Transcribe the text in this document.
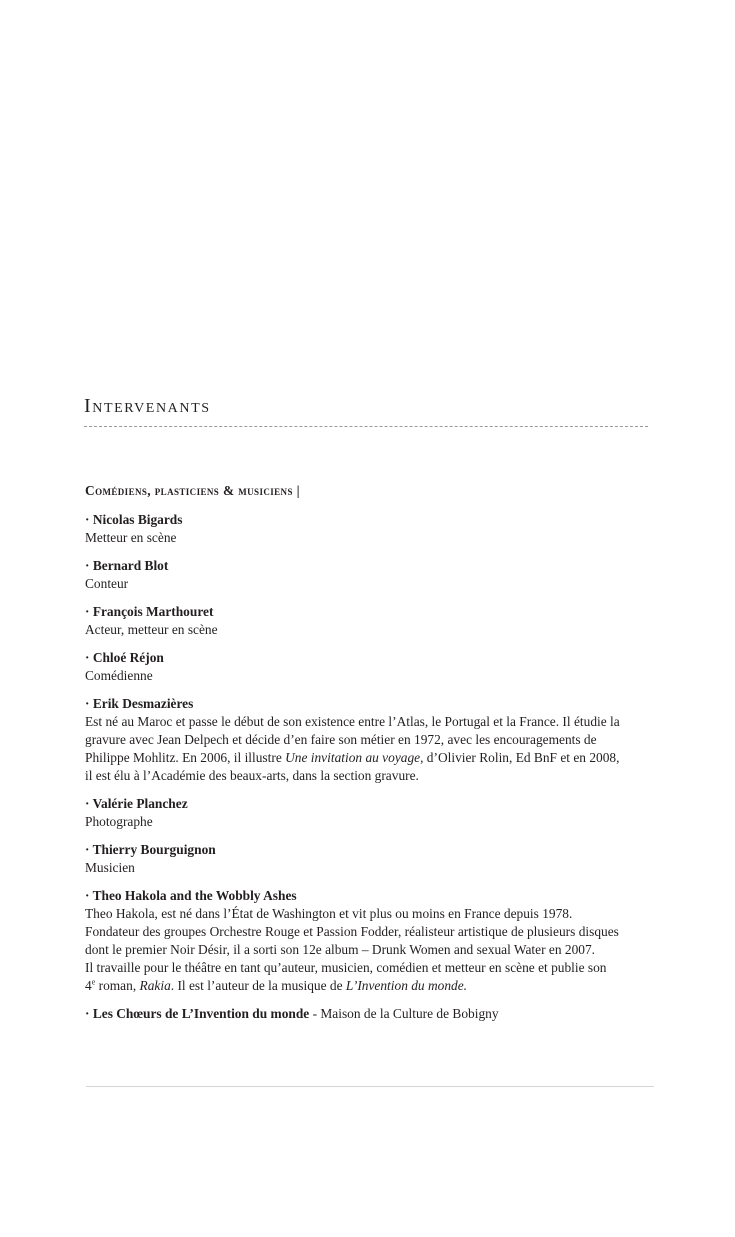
Intervenants
Comédiens, plasticiens & musiciens |
· Nicolas Bigards
Metteur en scène
· Bernard Blot
Conteur
· François Marthouret
Acteur, metteur en scène
· Chloé Réjon
Comédienne
· Erik Desmazières
Est né au Maroc et passe le début de son existence entre l’Atlas, le Portugal et la France. Il étudie la
gravure avec Jean Delpech et décide d’en faire son métier en 1972, avec les encouragements de
Philippe Mohlitz. En 2006, il illustre Une invitation au voyage, d’Olivier Rolin, Ed BnF et en 2008,
il est élu à l’Académie des beaux-arts, dans la section gravure.
· Valérie Planchez
Photographe
· Thierry Bourguignon
Musicien
· Theo Hakola and the Wobbly Ashes
Theo Hakola, est né dans l’État de Washington et vit plus ou moins en France depuis 1978.
Fondateur des groupes Orchestre Rouge et Passion Fodder, réalisteur artistique de plusieurs disques
dont le premier Noir Désir, il a sorti son 12e album – Drunk Women and sexual Water en 2007.
Il travaille pour le théâtre en tant qu’auteur, musicien, comédien et metteur en scène et publie son
4e roman, Rakia. Il est l’auteur de la musique de L’Invention du monde.
· Les Chœurs de L’Invention du monde - Maison de la Culture de Bobigny
